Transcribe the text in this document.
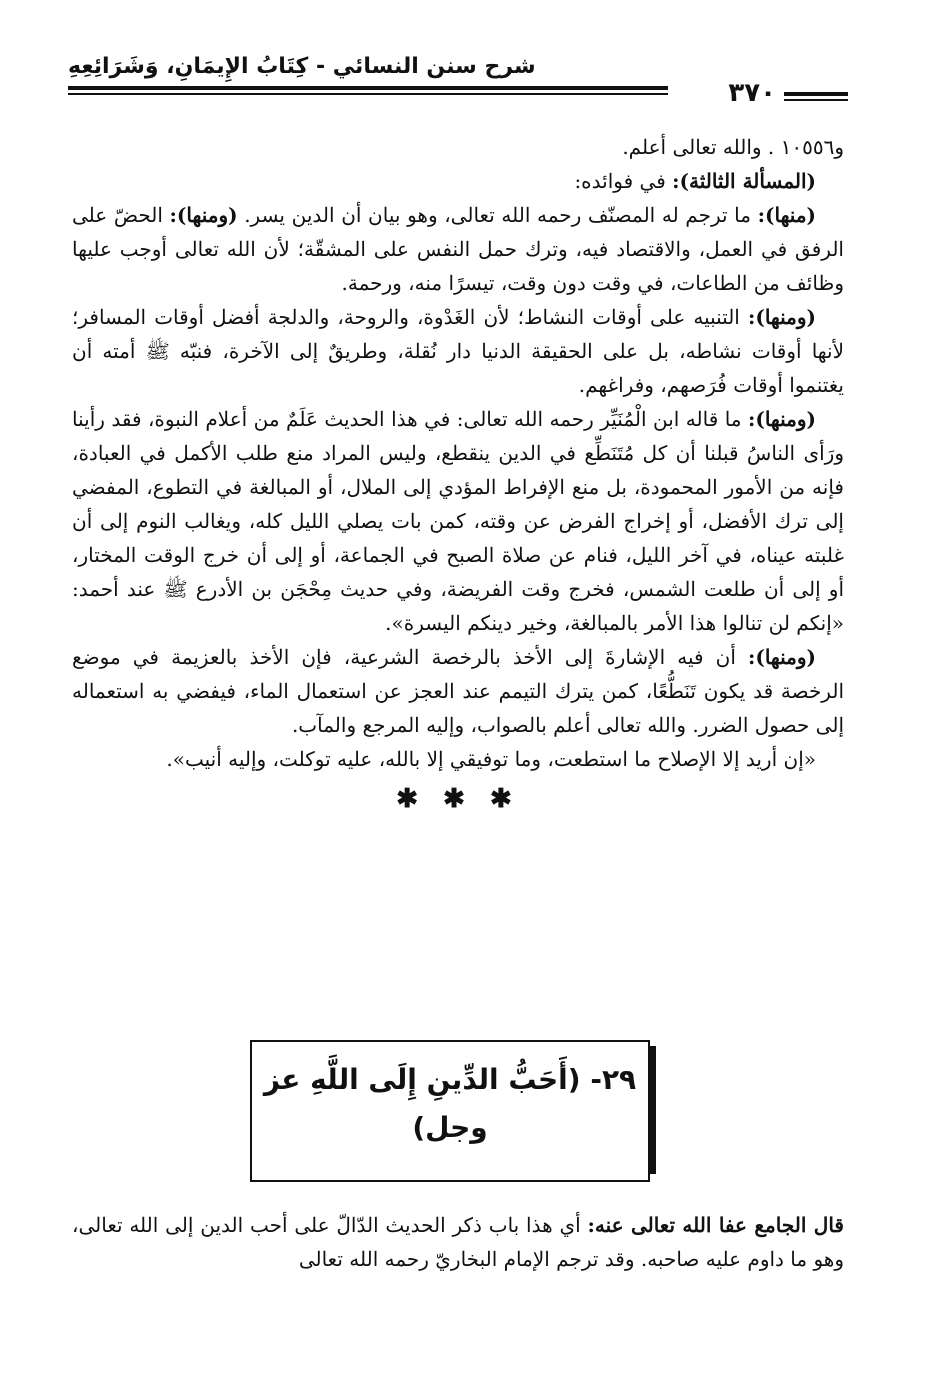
شرح سنن النسائي - كِتَابُ الإِيمَانِ، وَشَرَائِعِهِ
٣٧٠

و١٠٥٥٦ . والله تعالى أعلم.

(المسألة الثالثة): في فوائده:

(منها): ما ترجم له المصنّف رحمه الله تعالى، وهو بيان أن الدين يسر. (ومنها): الحضّ على الرفق في العمل، والاقتصاد فيه، وترك حمل النفس على المشقّة؛ لأن الله تعالى أوجب عليها وظائف من الطاعات، في وقت دون وقت، تيسرًا منه، ورحمة.

(ومنها): التنبيه على أوقات النشاط؛ لأن الغَدْوة، والروحة، والدلجة أفضل أوقات المسافر؛ لأنها أوقات نشاطه، بل على الحقيقة الدنيا دار نُقلة، وطريقٌ إلى الآخرة، فنبّه ﷺ أمته أن يغتنموا أوقات فُرَصهم، وفراغهم.

(ومنها): ما قاله ابن الْمُنَيِّر رحمه الله تعالى: في هذا الحديث عَلَمٌ من أعلام النبوة، فقد رأينا ورَأى الناسُ قبلنا أن كل مُتَنَطِّع في الدين ينقطع، وليس المراد منع طلب الأكمل في العبادة، فإنه من الأمور المحمودة، بل منع الإفراط المؤدي إلى الملال، أو المبالغة في التطوع، المفضي إلى ترك الأفضل، أو إخراج الفرض عن وقته، كمن بات يصلي الليل كله، ويغالب النوم إلى أن غلبته عيناه، في آخر الليل، فنام عن صلاة الصبح في الجماعة، أو إلى أن خرج الوقت المختار، أو إلى أن طلعت الشمس، فخرج وقت الفريضة، وفي حديث مِحْجَن بن الأدرع ﷺ عند أحمد: «إنكم لن تنالوا هذا الأمر بالمبالغة، وخير دينكم اليسرة».

(ومنها): أن فيه الإشارةَ إلى الأخذ بالرخصة الشرعية، فإن الأخذ بالعزيمة في موضع الرخصة قد يكون تَنَطُّعًا، كمن يترك التيمم عند العجز عن استعمال الماء، فيفضي به استعماله إلى حصول الضرر. والله تعالى أعلم بالصواب، وإليه المرجع والمآب.

«إن أريد إلا الإصلاح ما استطعت، وما توفيقي إلا بالله، عليه توكلت، وإليه أنيب».

✱ ✱ ✱
٢٩- (أَحَبُّ الدِّينِ إِلَى اللَّهِ عز
وجل)
قال الجامع عفا الله تعالى عنه: أي هذا باب ذكر الحديث الدّالّ على أحب الدين إلى الله تعالى، وهو ما داوم عليه صاحبه. وقد ترجم الإمام البخاريّ رحمه الله تعالى
